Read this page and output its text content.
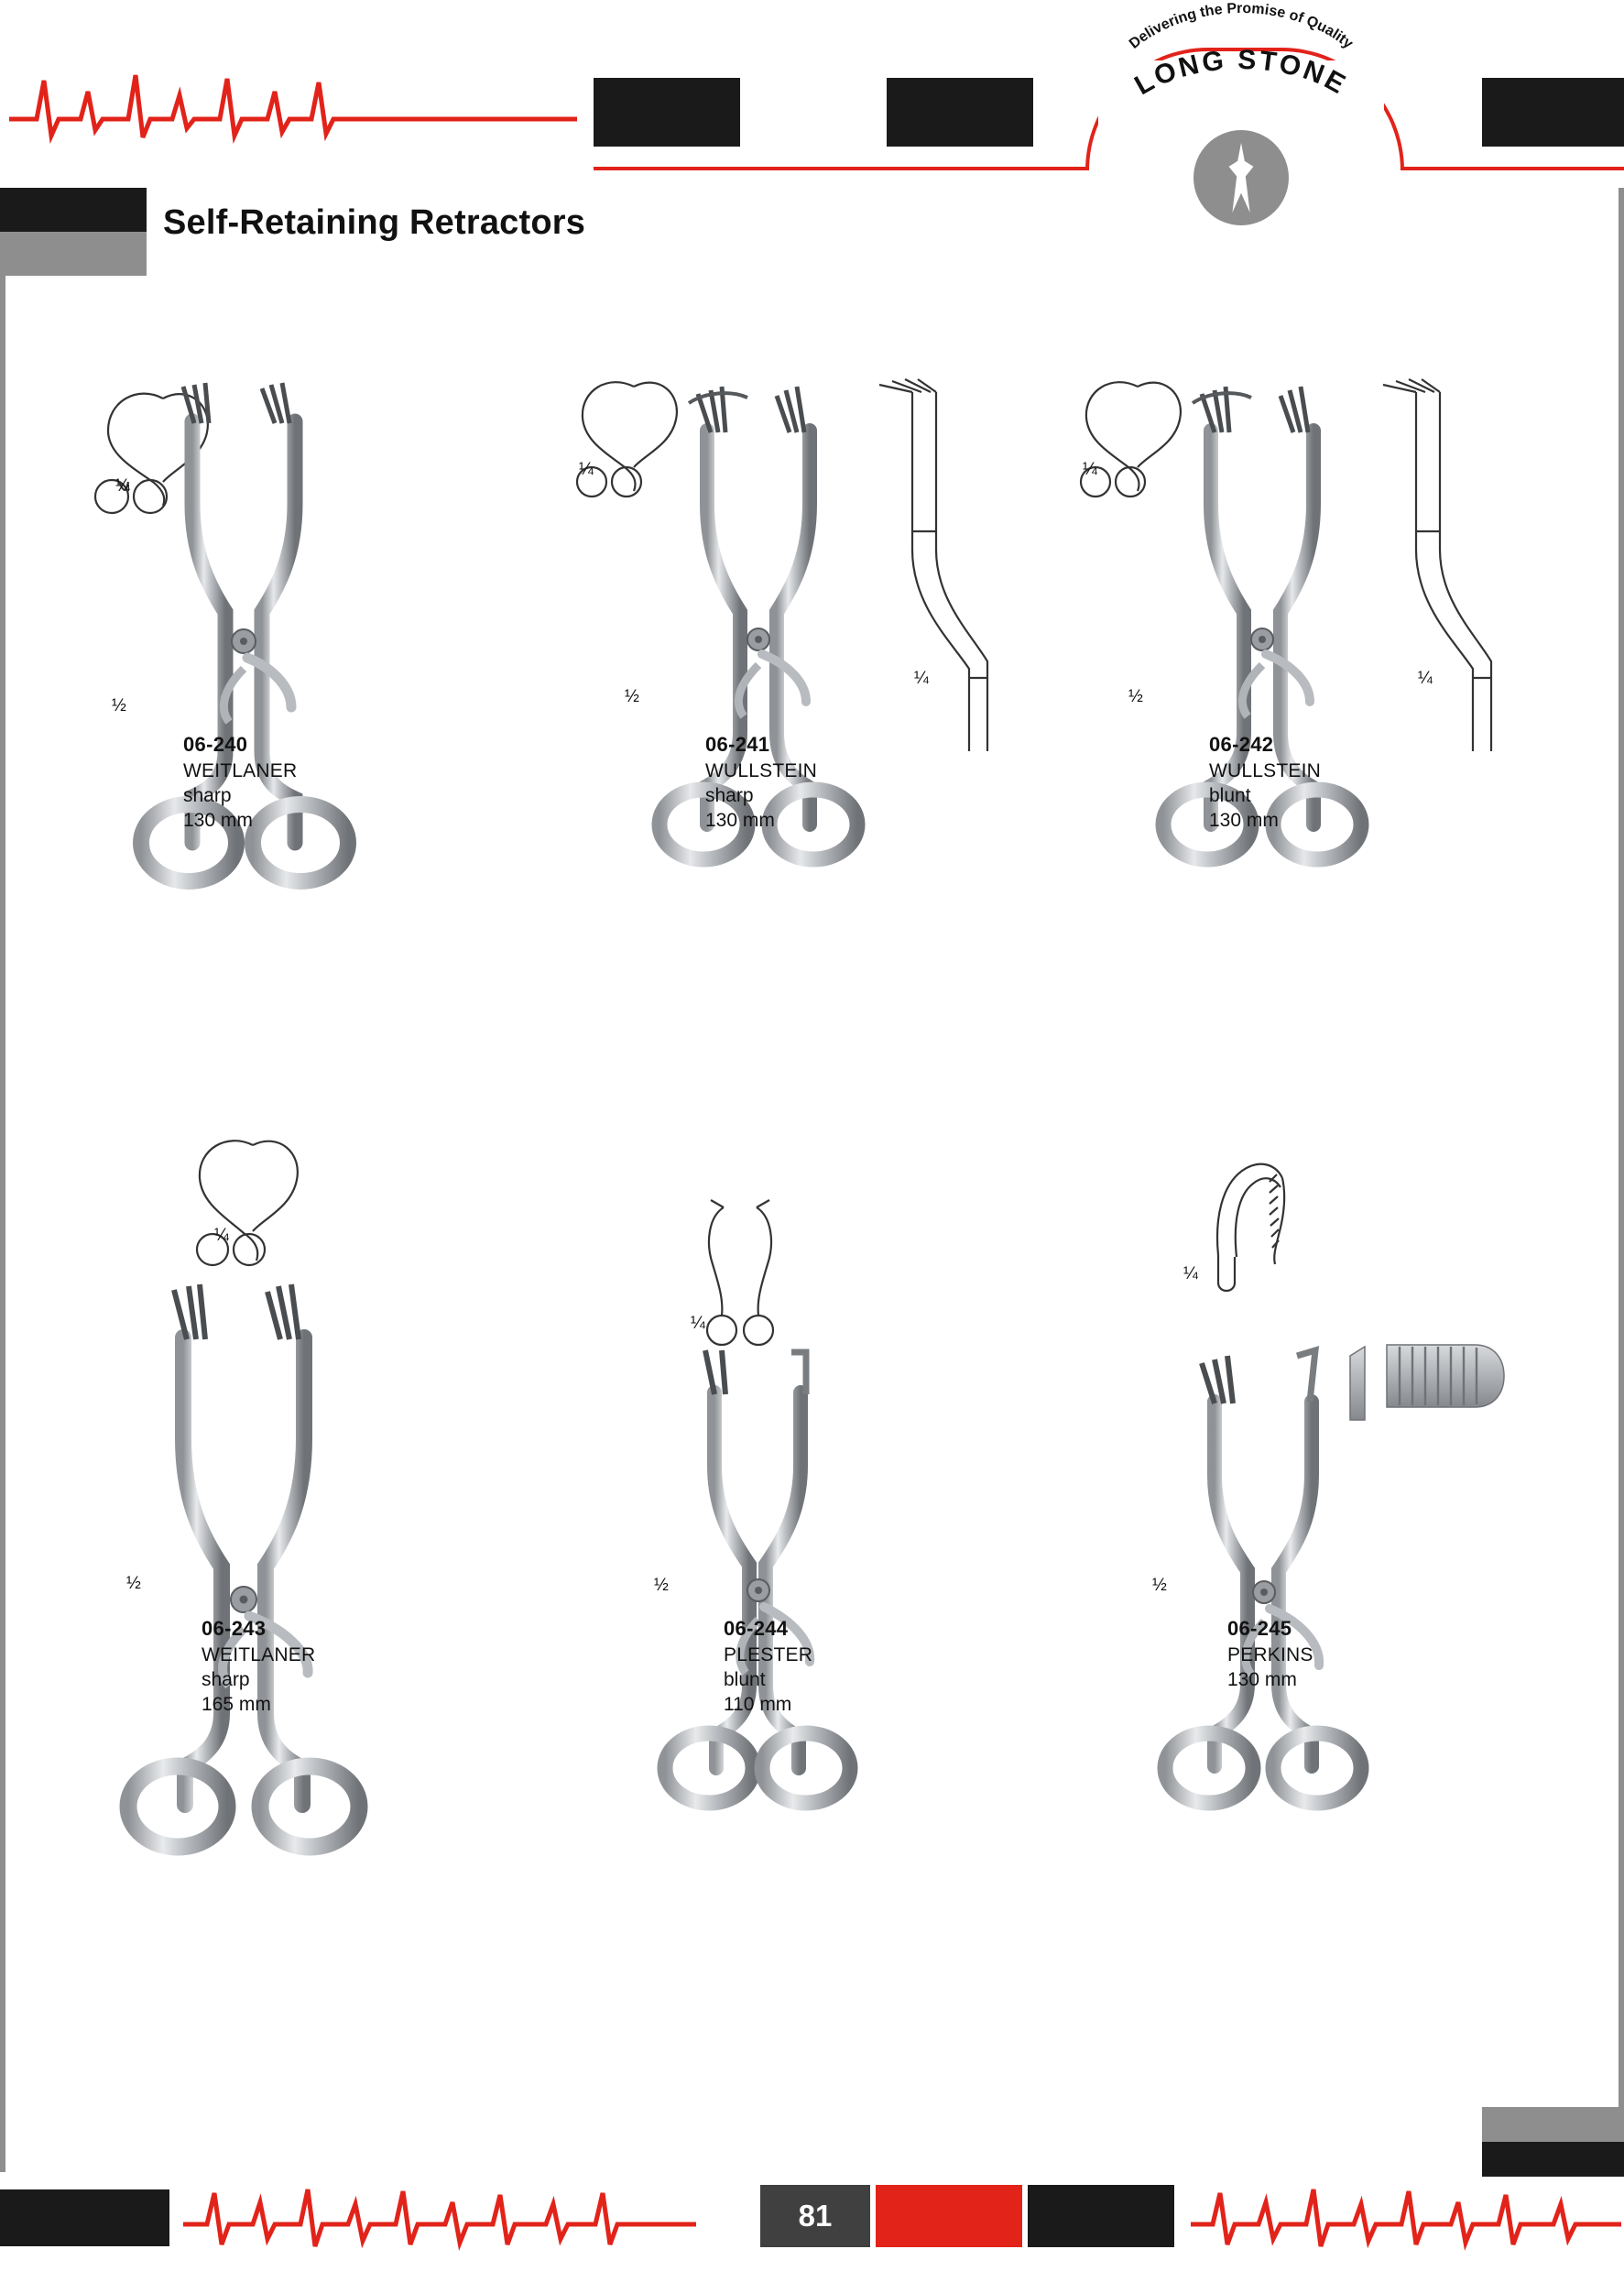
Delivering the Promise of Quality
LONG STONE
Self-Retaining Retractors
¼
½
06-240
WEITLANER
sharp
130 mm
¼
½
¼
06-241
WULLSTEIN
sharp
130 mm
¼
½
¼
06-242
WULLSTEIN
blunt
130 mm
¼
½
06-243
WEITLANER
sharp
165 mm
¼
½
06-244
PLESTER
blunt
110 mm
¼
½
06-245
PERKINS
130 mm
81
